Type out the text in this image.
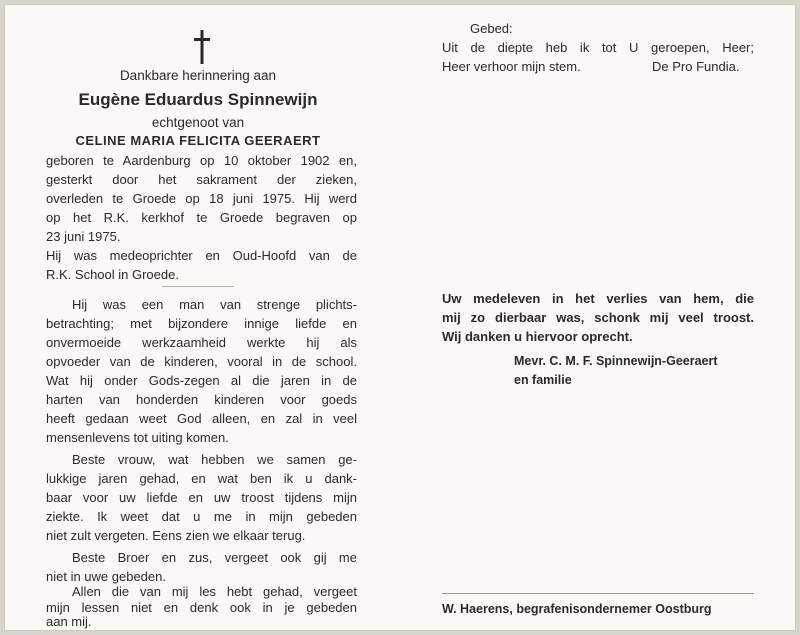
Dankbare herinnering aan
Eugène Eduardus Spinnewijn
echtgenoot van
CELINE MARIA FELICITA GEERAERT
geboren te Aardenburg op 10 oktober 1902 en,
gesterkt door het sakrament der zieken,
overleden te Groede op 18 juni 1975. Hij werd
op het R.K. kerkhof te Groede begraven op
23 juni 1975.
Hij was medeoprichter en Oud-Hoofd van de
R.K. School in Groede.
Hij was een man van strenge plichts-
betrachting; met bijzondere innige liefde en
onvermoeide werkzaamheid werkte hij als
opvoeder van de kinderen, vooral in de school.
Wat hij onder Gods-zegen al die jaren in de
harten van honderden kinderen voor goeds
heeft gedaan weet God alleen, en zal in veel
mensenlevens tot uiting komen.
Beste vrouw, wat hebben we samen ge-
lukkige jaren gehad, en wat ben ik u dank-
baar voor uw liefde en uw troost tijdens mijn
ziekte. Ik weet dat u me in mijn gebeden
niet zult vergeten. Eens zien we elkaar terug.
Beste Broer en zus, vergeet ook gij me
niet in uwe gebeden.
Allen die van mij les hebt gehad, vergeet
mijn lessen niet en denk ook in je gebeden
aan mij.
Gebed:
Uit de diepte heb ik tot U geroepen, Heer;
Heer verhoor mijn stem.	De Pro Fundia.
Uw medeleven in het verlies van hem, die
mij zo dierbaar was, schonk mij veel troost.
Wij danken u hiervoor oprecht.
Mevr. C. M. F. Spinnewijn-Geeraert
en familie
W. Haerens, begrafenisondernemer Oostburg
